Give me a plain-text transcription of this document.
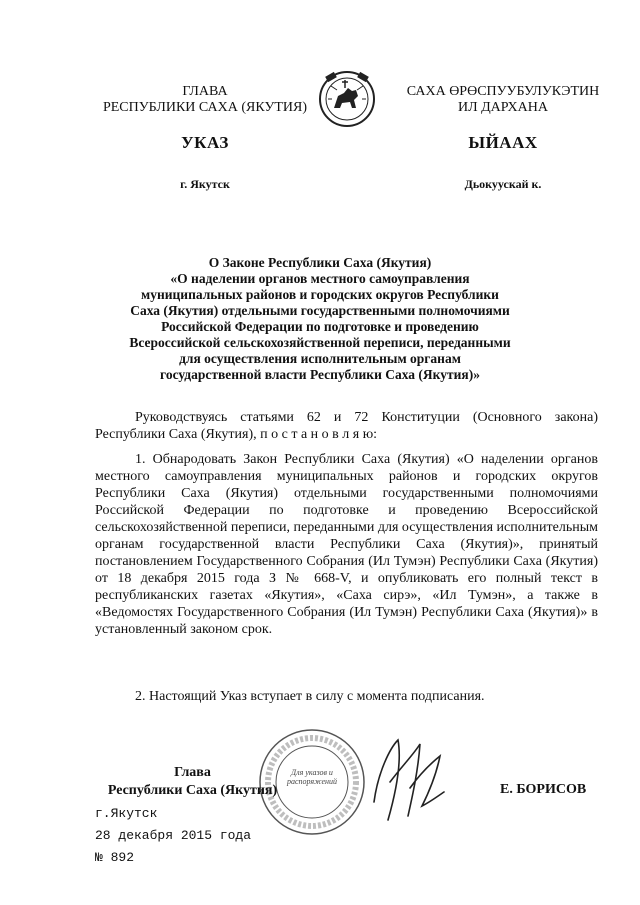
ГЛАВА
РЕСПУБЛИКИ САХА (ЯКУТИЯ)
САХА ӨРӨСПУУБУЛУКЭТИН
ИЛ ДАРХАНА
УКАЗ	ЫЙААХ
г. Якутск	Дьокуускай к.
О Законе Республики Саха (Якутия)
«О наделении органов местного самоуправления
муниципальных районов и городских округов Республики
Саха (Якутия) отдельными государственными полномочиями
Российской Федерации по подготовке и проведению
Всероссийской сельскохозяйственной переписи, переданными
для осуществления исполнительным органам
государственной власти Республики Саха (Якутия)»
Руководствуясь статьями 62 и 72 Конституции (Основного закона) Республики Саха (Якутия), п о с т а н о в л я ю:
1. Обнародовать Закон Республики Саха (Якутия) «О наделении органов местного самоуправления муниципальных районов и городских округов Республики Саха (Якутия) отдельными государственными полномочиями Российской Федерации по подготовке и проведению Всероссийской сельскохозяйственной переписи, переданными для осуществления исполнительным органам государственной власти Республики Саха (Якутия)», принятый постановлением Государственного Собрания (Ил Тумэн) Республики Саха (Якутия) от 18 декабря 2015 года З № 668-V, и опубликовать его полный текст в республиканских газетах «Якутия», «Саха сирэ», «Ил Тумэн», а также в «Ведомостях Государственного Собрания (Ил Тумэн) Республики Саха (Якутия)» в установленный законом срок.
2. Настоящий Указ вступает в силу с момента подписания.
Для указов и распоряжений
Глава
Республики Саха (Якутия)	Е. БОРИСОВ
г.Якутск
28 декабря 2015 года
№ 892
